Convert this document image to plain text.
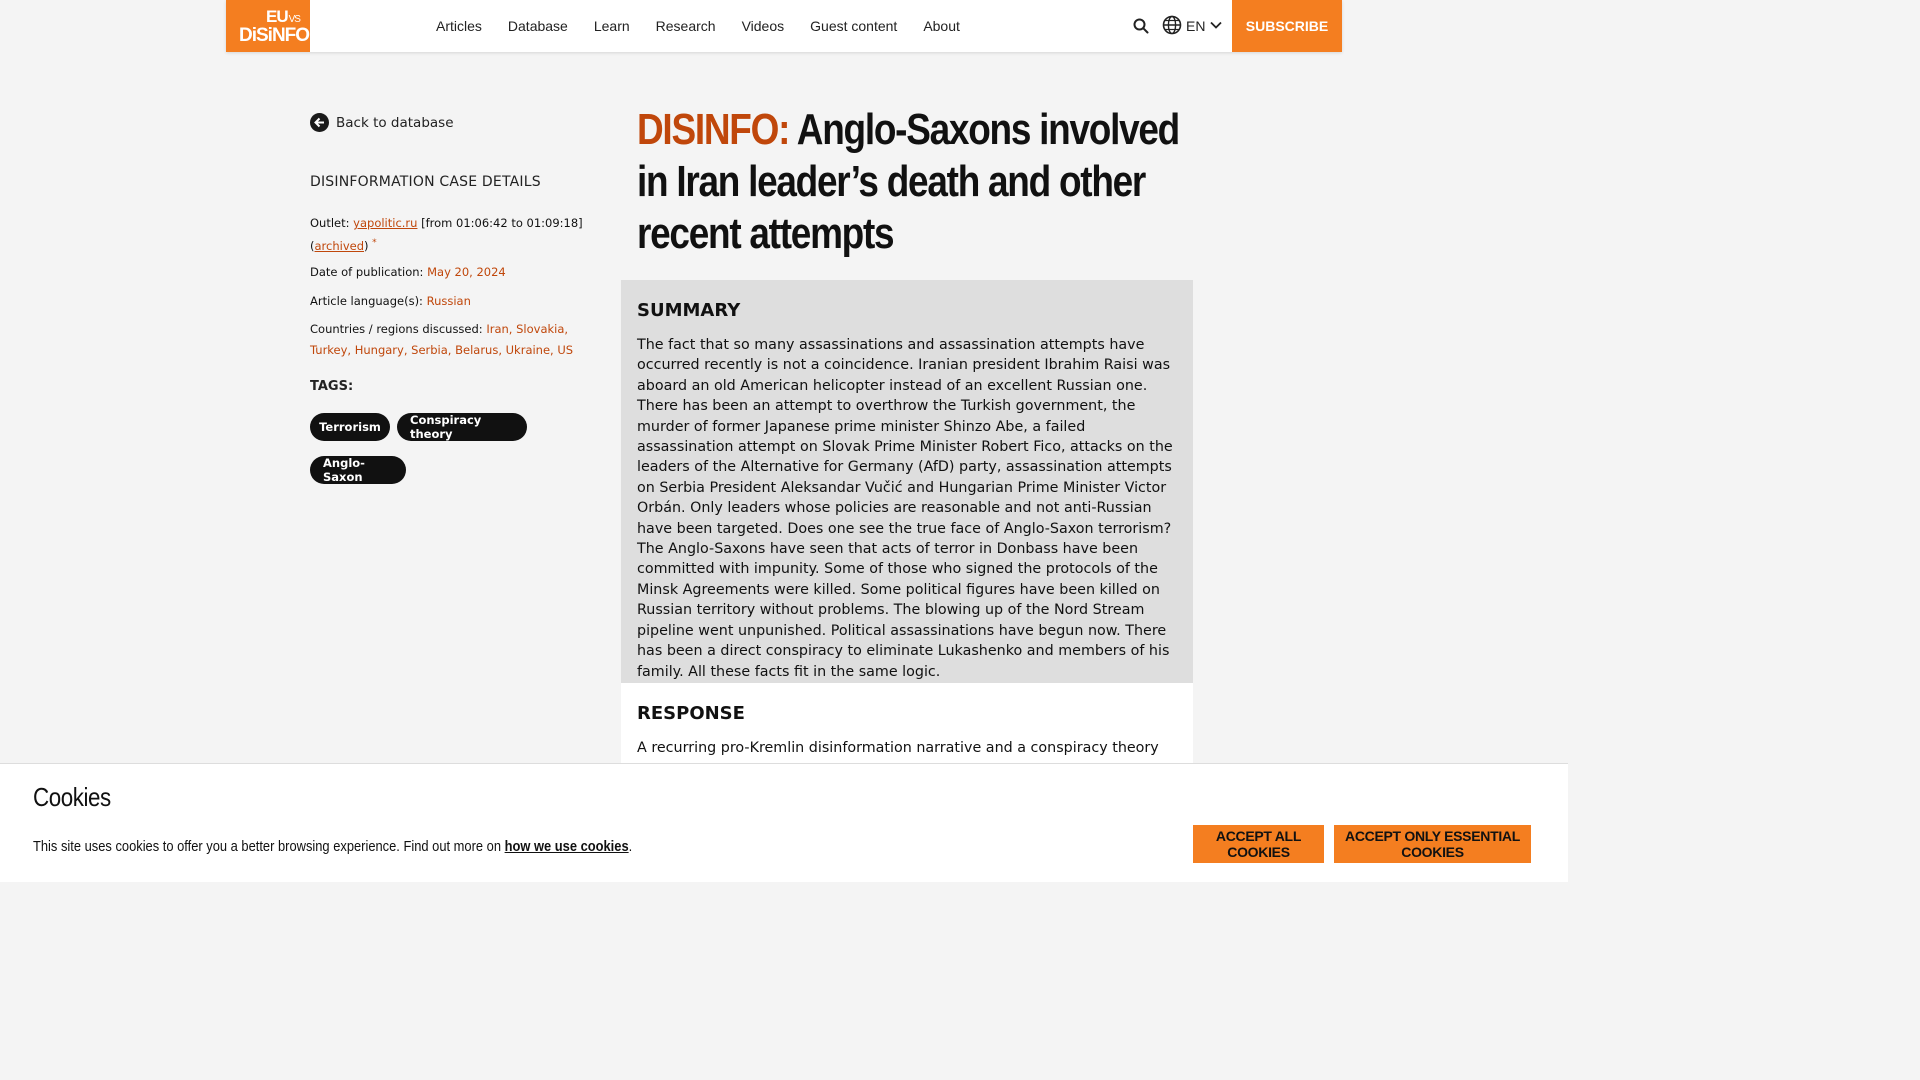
EUVS
DiSiNFO	Articles Database Learn Research Videos Guest content About	EN	SUBSCRIBE
Back to database
DISINFORMATION CASE DETAILS
Outlet: yapolitic.ru [from 01:06:42 to 01:09:18]
(archived) *
Date of publication: May 20, 2024
Article language(s): Russian
Countries / regions discussed: Iran, Slovakia, Turkey, Hungary, Serbia, Belarus, Ukraine, US
TAGS:
Terrorism	Conspiracy theory
Anglo-Saxon
DISINFO: Anglo-Saxons involved in Iran leader’s death and other recent attempts
SUMMARY

The fact that so many assassinations and assassination attempts have occurred recently is not a coincidence. Iranian president Ibrahim Raisi was aboard an old American helicopter instead of an excellent Russian one. There has been an attempt to overthrow the Turkish government, the murder of former Japanese prime minister Shinzo Abe, a failed assassination attempt on Slovak Prime Minister Robert Fico, attacks on the leaders of the Alternative for Germany (AfD) party, assassination attempts on Serbia President Aleksandar Vučić and Hungarian Prime Minister Victor Orbán. Only leaders whose policies are reasonable and not anti-Russian have been targeted. Does one see the true face of Anglo-Saxon terrorism? The Anglo-Saxons have seen that acts of terror in Donbass have been committed with impunity. Some of those who signed the protocols of the Minsk Agreements were killed. Some political figures have been killed on Russian territory without problems. The blowing up of the Nord Stream pipeline went unpunished. Political assassinations have begun now. There has been a direct conspiracy to eliminate Lukashenko and members of his family. All these facts fit in the same logic.

RESPONSE

A recurring pro-Kremlin disinformation narrative and a conspiracy theory

Cookies

This site uses cookies to offer you a better browsing experience. Find out more on how we use cookies.

ACCEPT ALL COOKIES
ACCEPT ONLY ESSENTIAL COOKIES
